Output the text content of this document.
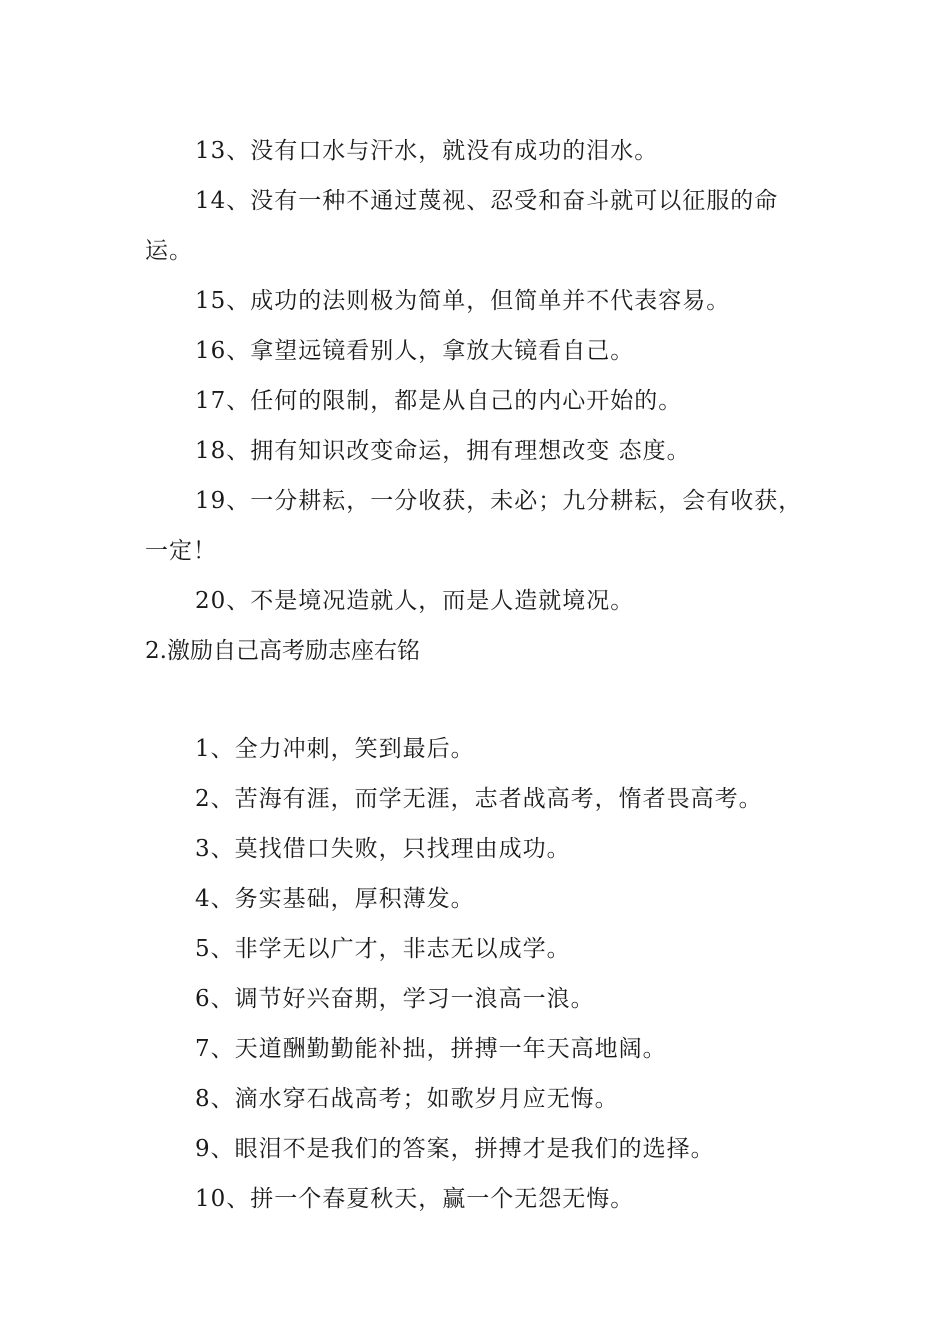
13、没有口水与汗水，就没有成功的泪水。

14、没有一种不通过蔑视、忍受和奋斗就可以征服的命运。

15、成功的法则极为简单，但简单并不代表容易。

16、拿望远镜看别人，拿放大镜看自己。

17、任何的限制，都是从自己的内心开始的。

18、拥有知识改变命运，拥有理想改变 态度。

19、一分耕耘，一分收获，未必；九分耕耘，会有收获，一定！

20、不是境况造就人，而是人造就境况。

2.激励自己高考励志座右铭

1、全力冲刺，笑到最后。

2、苦海有涯，而学无涯，志者战高考，惰者畏高考。

3、莫找借口失败，只找理由成功。

4、务实基础，厚积薄发。

5、非学无以广才，非志无以成学。

6、调节好兴奋期，学习一浪高一浪。

7、天道酬勤勤能补拙，拼搏一年天高地阔。

8、滴水穿石战高考；如歌岁月应无悔。

9、眼泪不是我们的答案，拼搏才是我们的选择。

10、拼一个春夏秋天，赢一个无怨无悔。
